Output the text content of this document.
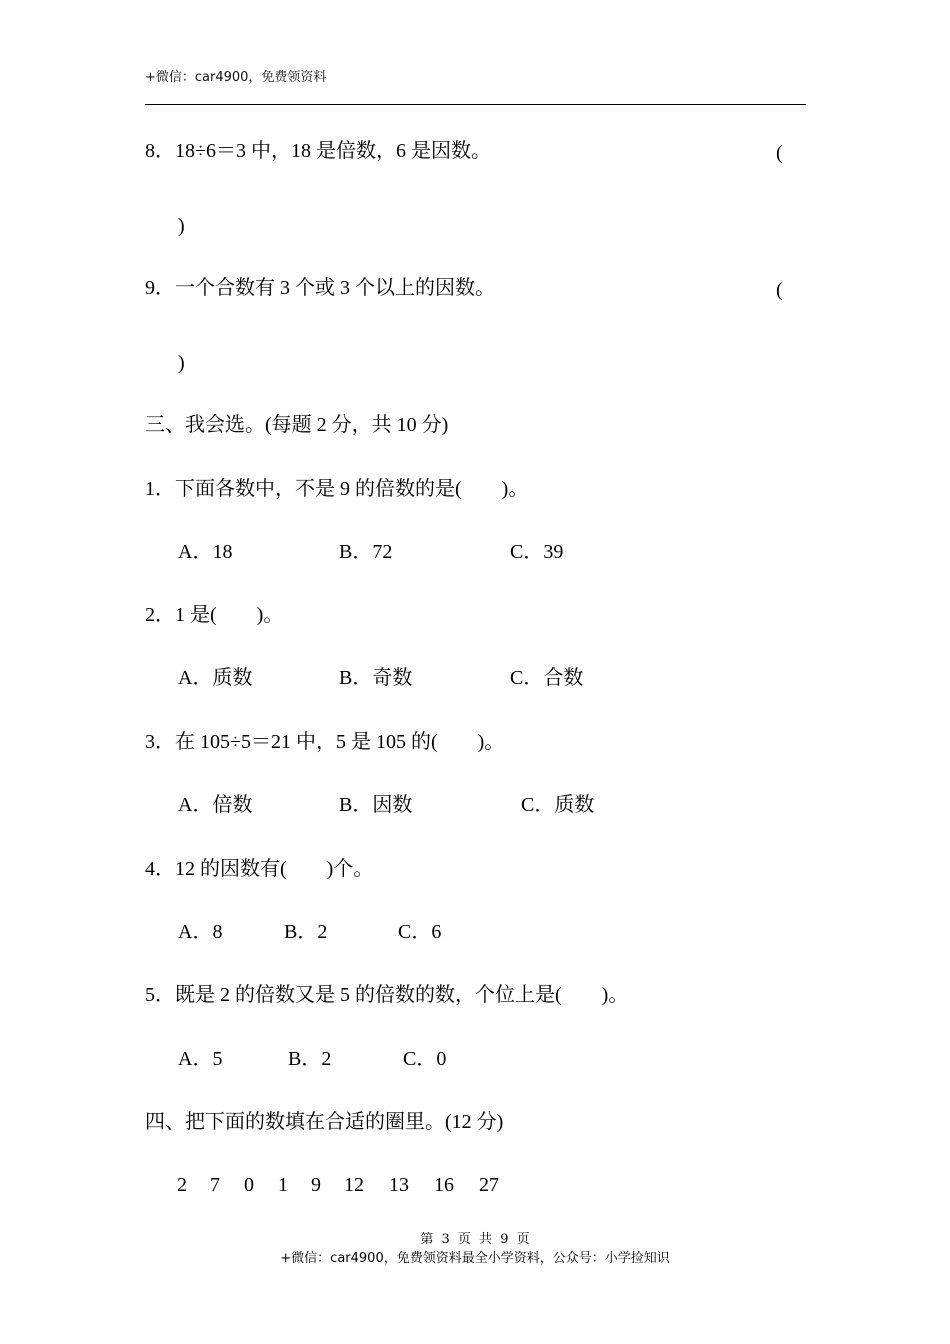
+微信：car4900，免费领资料
8．18÷6＝3 中，18 是倍数，6 是因数。	(
)
9．一个合数有 3 个或 3 个以上的因数。	(
)
三、我会选。(每题 2 分，共 10 分)
1．下面各数中，不是 9 的倍数的是(　　)。
A．18	B．72	C．39
2．1 是(　　)。
A．质数	B．奇数	C．合数
3．在 105÷5＝21 中，5 是 105 的(　　)。
A．倍数	B．因数	C．质数
4．12 的因数有(　　)个。
A．8	B．2	C．6
5．既是 2 的倍数又是 5 的倍数的数，个位上是(　　)。
A．5	B．2	C．0
四、把下面的数填在合适的圈里。(12 分)
2 7 0 1 9 12 13 16 27
第 3 页 共 9 页
+微信：car4900，免费领资料最全小学资料，公众号：小学捡知识
